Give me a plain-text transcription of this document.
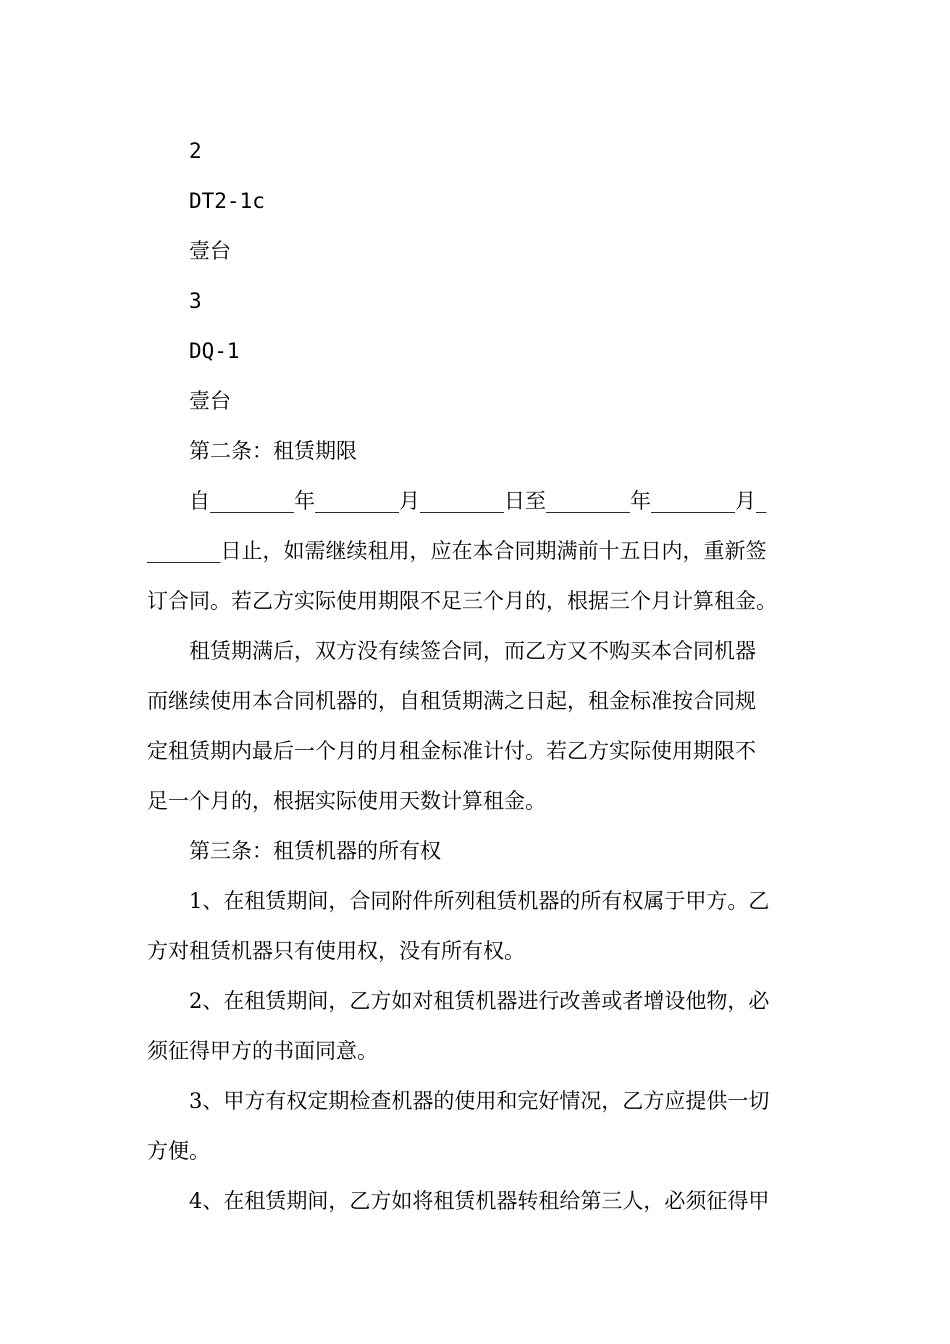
2
DT2-1c
壹台
3
DQ-1
壹台
第二条：租赁期限
自________年________月________日至________年________月_
_______日止，如需继续租用，应在本合同期满前十五日内，重新签
订合同。若乙方实际使用期限不足三个月的，根据三个月计算租金。
租赁期满后，双方没有续签合同，而乙方又不购买本合同机器
而继续使用本合同机器的，自租赁期满之日起，租金标准按合同规
定租赁期内最后一个月的月租金标准计付。若乙方实际使用期限不
足一个月的，根据实际使用天数计算租金。
第三条：租赁机器的所有权
1、在租赁期间，合同附件所列租赁机器的所有权属于甲方。乙
方对租赁机器只有使用权，没有所有权。
2、在租赁期间，乙方如对租赁机器进行改善或者增设他物，必
须征得甲方的书面同意。
3、甲方有权定期检查机器的使用和完好情况，乙方应提供一切
方便。
4、在租赁期间，乙方如将租赁机器转租给第三人，必须征得甲
